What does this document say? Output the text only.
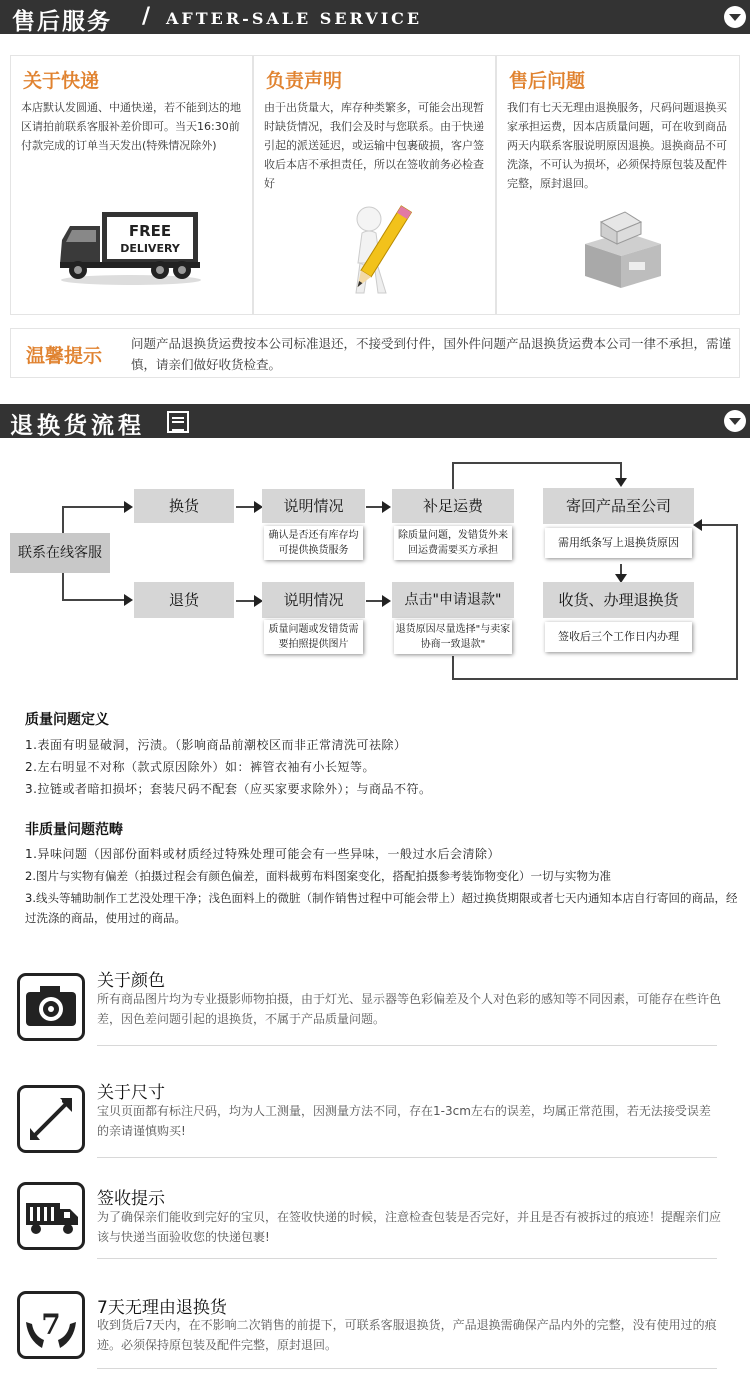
售后服务 / AFTER-SALE SERVICE
关于快递
本店默认发圆通、中通快递，若不能到达的地区请拍前联系客服补差价即可。当天16:30前付款完成的订单当天发出(特殊情况除外)
FREE
DELIVERY
负责声明
由于出货量大，库存种类繁多，可能会出现暂时缺货情况，我们会及时与您联系。由于快递引起的派送延迟，或运输中包裹破损，客户签收后本店不承担责任，所以在签收前务必检查好
售后问题
我们有七天无理由退换服务，尺码问题退换买家承担运费，因本店质量问题，可在收到商品两天内联系客服说明原因退换。退换商品不可洗涤，不可认为损坏，必须保持原包装及配件完整，原封退回。
温馨提示
问题产品退换货运费按本公司标准退还，不接受到付件，国外件问题产品退换货运费本公司一律不承担，需谨慎，请亲们做好收货检查。
退换货流程
联系在线客服
换货
退货
说明情况
确认是否还有库存均可提供换货服务
说明情况
质量问题或发错货需要拍照提供图片
补足运费
除质量问题，发错货外来回运费需要买方承担
点击"申请退款"
退货原因尽量选择"与卖家协商一致退款"
寄回产品至公司
需用纸条写上退换货原因
收货、办理退换货
签收后三个工作日内办理
质量问题定义
1.表面有明显破洞，污渍。（影响商品前潮校区而非正常清洗可祛除）
2.左右明显不对称（款式原因除外）如：裤管衣袖有小长短等。
3.拉链或者暗扣损坏；套装尺码不配套（应买家要求除外）；与商品不符。
非质量问题范畴
1.异味问题（因部份面料或材质经过特殊处理可能会有一些异味，一般过水后会清除）
2.图片与实物有偏差（拍摄过程会有颜色偏差，面料裁剪布料图案变化，搭配拍摄参考装饰物变化）一切与实物为准
3.线头等辅助制作工艺没处理干净；浅色面料上的微脏（制作销售过程中可能会带上）超过换货期限或者七天内通知本店自行寄回的商品，经过洗涤的商品，使用过的商品。
关于颜色
所有商品图片均为专业摄影师物拍摄，由于灯光、显示器等色彩偏差及个人对色彩的感知等不同因素，可能存在些许色差，因色差问题引起的退换货，不属于产品质量问题。
关于尺寸
宝贝页面都有标注尺码，均为人工测量，因测量方法不同，存在1-3cm左右的误差，均属正常范围，若无法接受误差的亲请谨慎购买!
签收提示
为了确保亲们能收到完好的宝贝，在签收快递的时候，注意检查包装是否完好，并且是否有被拆过的痕迹！提醒亲们应该与快递当面验收您的快递包裹!
7 7天无理由退换货
收到货后7天内，在不影响二次销售的前提下，可联系客服退换货，产品退换需确保产品内外的完整，没有使用过的痕迹。必须保持原包装及配件完整，原封退回。
